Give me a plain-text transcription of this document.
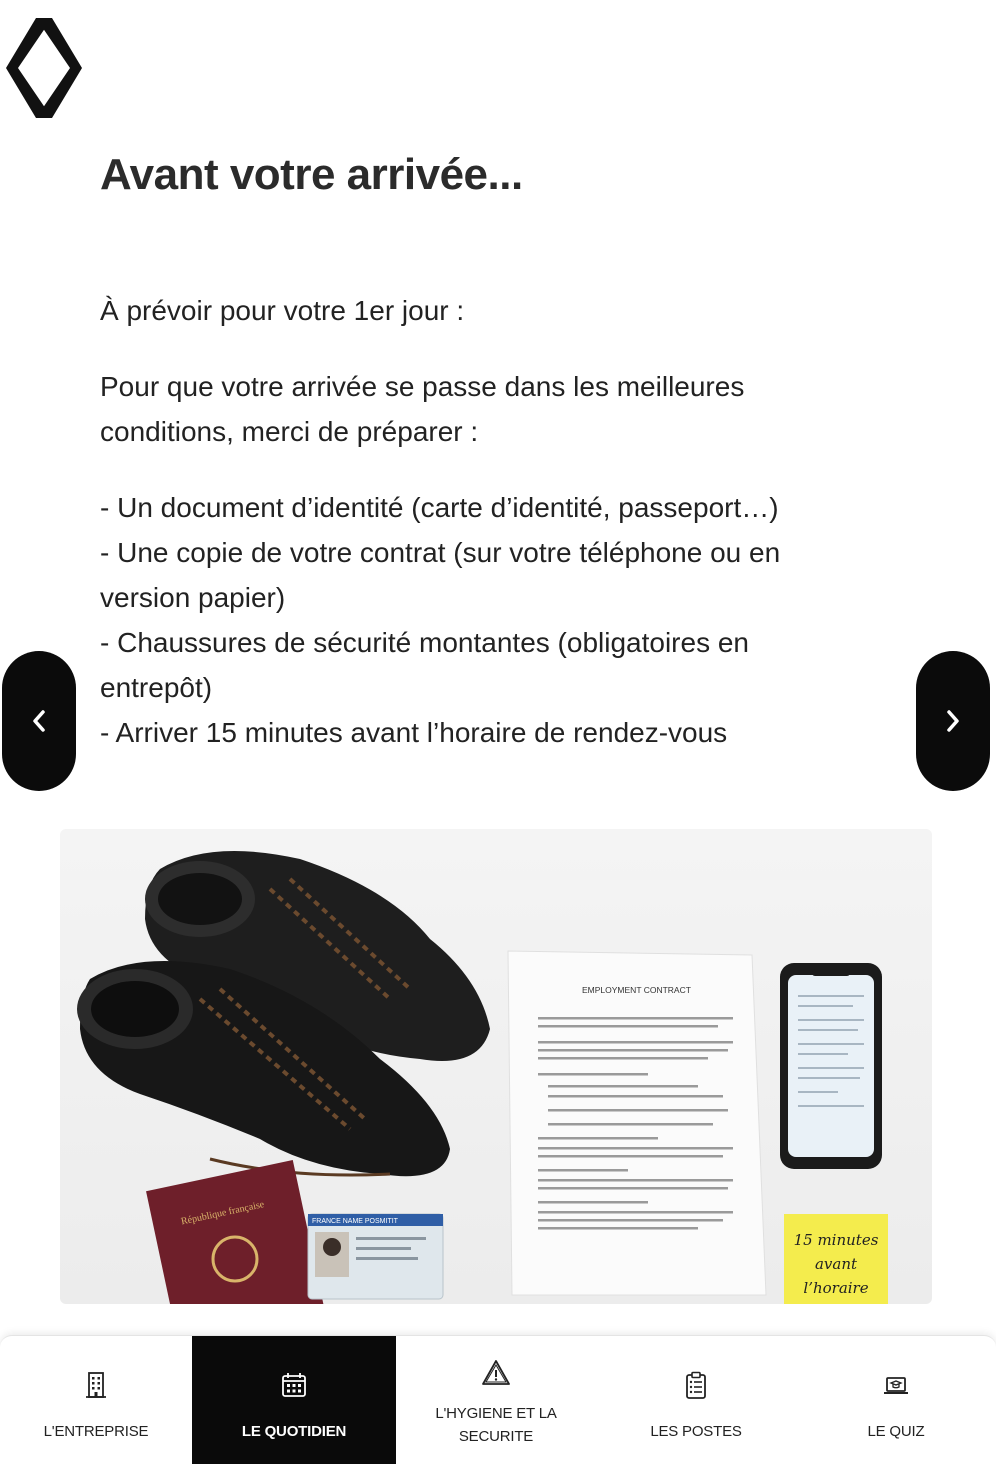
Avant votre arrivée...

À prévoir pour votre 1er jour :

Pour que votre arrivée se passe dans les meilleures conditions, merci de préparer :

- Un document d’identité (carte d’identité, passeport…)
- Une copie de votre contrat (sur votre téléphone ou en version papier)
- Chaussures de sécurité montantes (obligatoires en entrepôt)
- Arriver 15 minutes avant l’horaire de rendez-vous
République française	FRANCE NAME POSMITIT
EMPLOYMENT CONTRACT
15 minutes
avant
l’horaire
L'ENTREPRISE	LE QUOTIDIEN
L'HYGIENE ET LA SECURITE	LES POSTES	LE QUIZ
